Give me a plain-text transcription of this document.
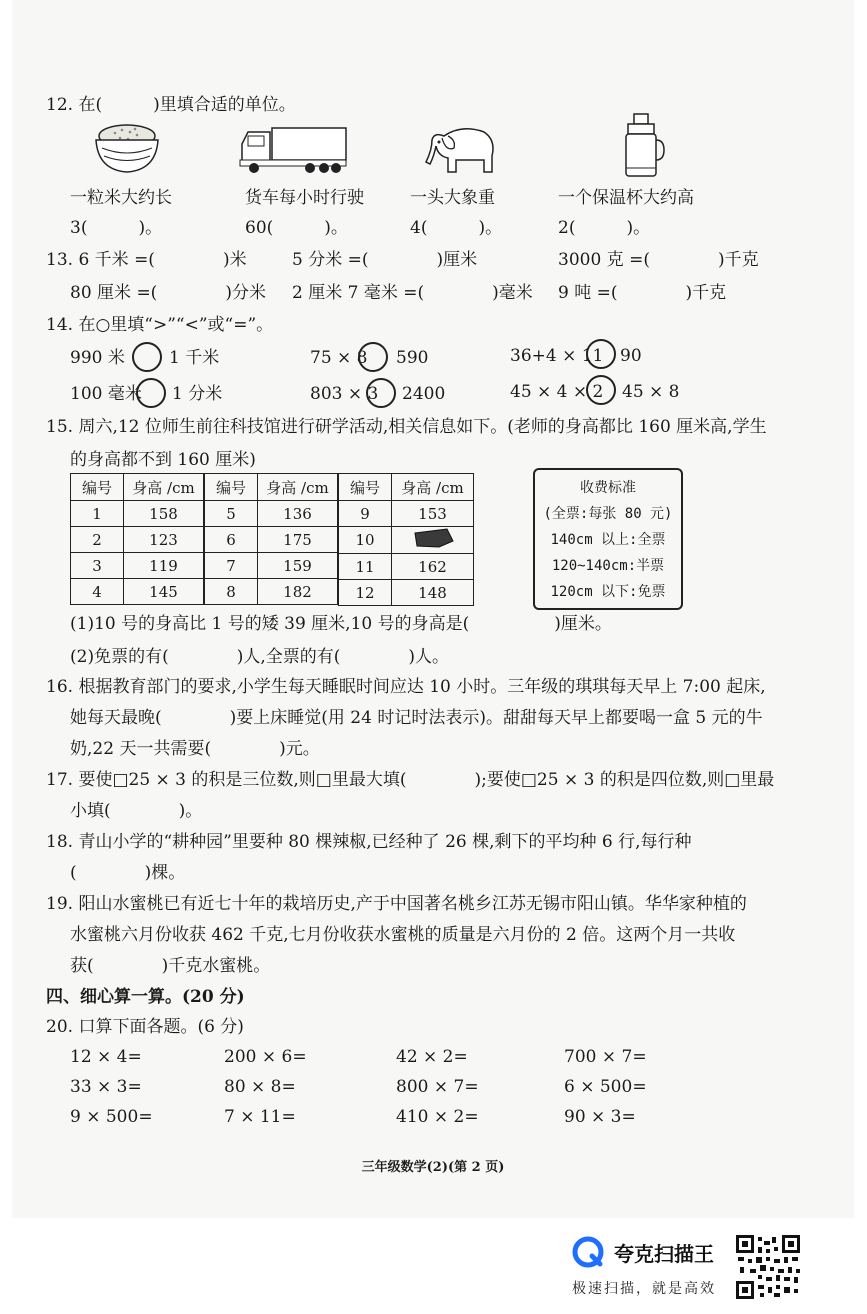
12. 在(　　　)里填合适的单位。
一粒米大约长	货车每小时行驶	一头大象重	一个保温杯大约高
3(　　　)。	60(　　　)。	4(　　　)。	2(　　　)。
13. 6 千米 =(　　　　)米	5 分米 =(　　　　)厘米	3000 克 =(　　　　)千克
80 厘米 =(　　　　)分米 2 厘米 7 毫米 =(　　　　)毫米 9 吨 =(　　　　)千克
14. 在○里填“>”“<”或“=”。
990 米	1 千米	75 × 8 590	36+4 × 11 90
100 毫米 1 分米	803 × 3 2400	45 × 4 × 2 45 × 8
15. 周六,12 位师生前往科技馆进行研学活动,相关信息如下。(老师的身高都比 160 厘米高,学生
的身高都不到 160 厘米)
编号	身高 /cm
1	158
2	123
3	119
4	145
编号	身高 /cm
5	136
6	175
7	159
8	182
编号	身高 /cm
9	153
10	
11	162
12	148
收费标准
(全票:每张 80 元)
140cm 以上:全票
120~140cm:半票
120cm 以下:免票
(1)10 号的身高比 1 号的矮 39 厘米,10 号的身高是(　　　　　)厘米。
(2)免票的有(　　　　)人,全票的有(　　　　)人。
16. 根据教育部门的要求,小学生每天睡眠时间应达 10 小时。三年级的琪琪每天早上 7:00 起床,
她每天最晚(　　　　)要上床睡觉(用 24 时记时法表示)。甜甜每天早上都要喝一盒 5 元的牛
奶,22 天一共需要(　　　　)元。
17. 要使□25 × 3 的积是三位数,则□里最大填(　　　　);要使□25 × 3 的积是四位数,则□里最
小填(　　　　)。
18. 青山小学的“耕种园”里要种 80 棵辣椒,已经种了 26 棵,剩下的平均种 6 行,每行种
(　　　　)棵。
19. 阳山水蜜桃已有近七十年的栽培历史,产于中国著名桃乡江苏无锡市阳山镇。华华家种植的
水蜜桃六月份收获 462 千克,七月份收获水蜜桃的质量是六月份的 2 倍。这两个月一共收
获(　　　　)千克水蜜桃。
四、细心算一算。(20 分)
20. 口算下面各题。(6 分)
12 × 4=	200 × 6=	42 × 2=	700 × 7=
33 × 3=	80 × 8=	800 × 7=	6 × 500=
9 × 500=	7 × 11=	410 × 2=	90 × 3=
三年级数学(2)(第 2 页)
夸克扫描王
极速扫描，就是高效
